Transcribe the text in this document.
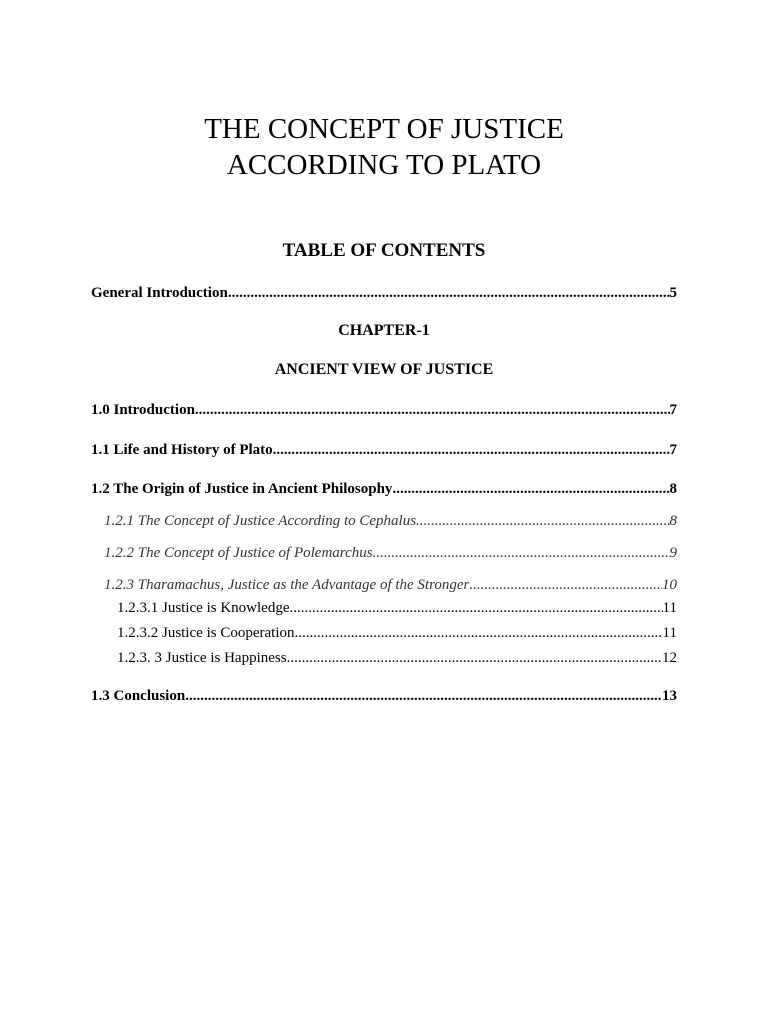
THE CONCEPT OF JUSTICE
ACCORDING TO PLATO
TABLE OF CONTENTS
General Introduction .....	5
CHAPTER-1
ANCIENT VIEW OF JUSTICE
1.0 Introduction .....	7
1.1 Life and History of Plato .....	7
1.2 The Origin of Justice in Ancient Philosophy .....	8
1.2.1 The Concept of Justice According to Cephalus .....	8
1.2.2 The Concept of Justice of Polemarchus .....	9
1.2.3 Tharamachus, Justice as the Advantage of the Stronger .....	10
1.2.3.1 Justice is Knowledge .....	11
1.2.3.2 Justice is Cooperation .....	11
1.2.3. 3 Justice is Happiness .....	12
1.3 Conclusion .....	13
